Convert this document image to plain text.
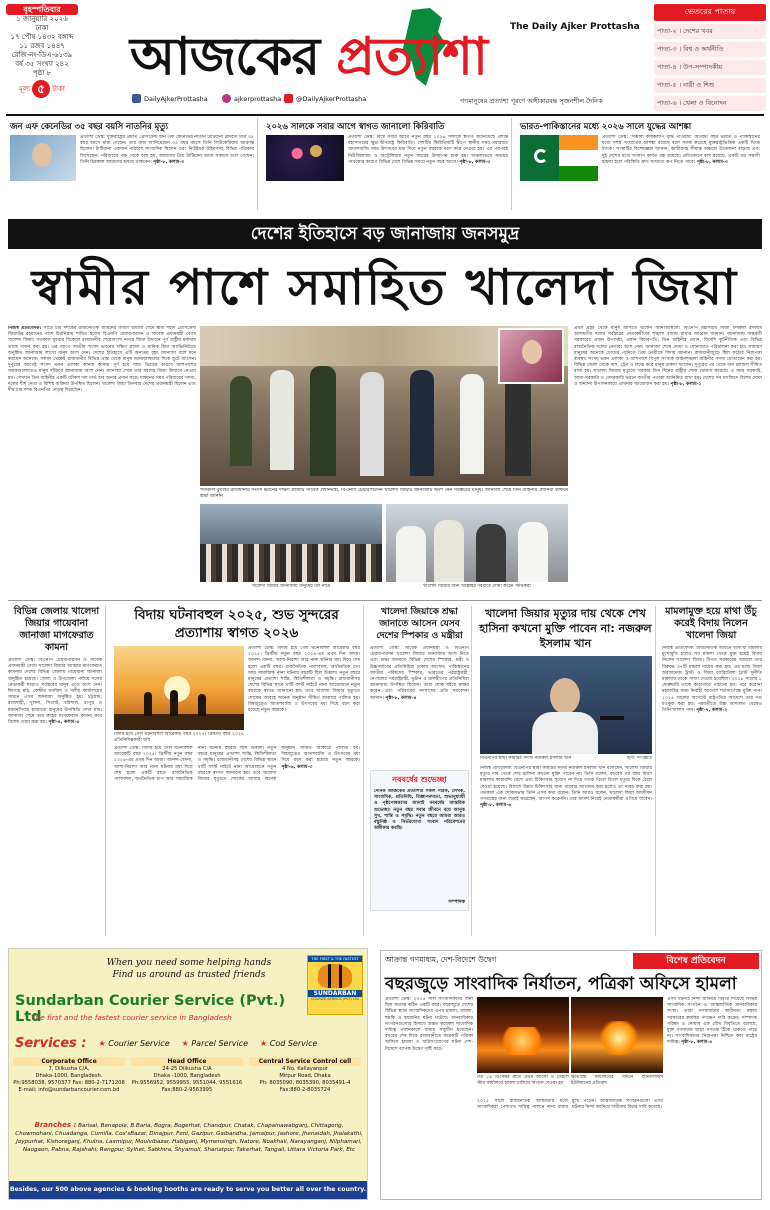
বৃহস্পতিবার
১ জানুয়ারি ২০২৬
ঢাকা
১৭ পৌষ ১৪৩২ বঙ্গাব্দ
১১ রজব ১৪৪৭
রেজি-নং-ডিএ-৬১৩৯
বর্ষ ৩৫ সংখ্যা ২৪২
পৃষ্ঠা ৮
মূল্য ৫	টাকা
আজকের প্রত্যাশা	The Daily Ajker Prottasha
DailyAjkerProttasha	ajkerprottasha @DailyAjkerProttasha	গণমানুষের প্রত্যাশা পূরণে অঙ্গীকারবদ্ধ সৃজনশীল দৈনিক
ভেতরের পাতায়
পাতা-২ । দেশের খবর
পাতা-৩ । বিশ্ব ও অর্থনীতি
পাতা-৪ । উপ-সম্পাদকীয়
পাতা-৫ । নারী ও শিশু
পাতা-৬ । খেলা ও বিনোদন
জন এফ কেনেডির ৩৫ বছর বয়সি নাতনির মৃত্যু
প্রত্যাশা ডেস্ক: যুক্তরাষ্ট্রের প্রয়াত প্রেসিডেন্ট জন এফ কেনেডির নাতনি টাটিয়ানা স্লসবার্গ মাত্র ৩৫ বছর বয়সে মারা গেছেন। তার বাবা জানিয়েছেন ৩৫ বছর বয়সে তিনি লিউকেমিয়ায় আক্রান্ত ছিলেন। টাটিয়ানা একজন পরিবেশ সাংবাদিক ছিলেন এবং নিউইয়র্ক টাইমসসহ বিভিন্ন পত্রিকায় লিখেছেন। পরিবারের পক্ষ থেকে বলা হয়, আমাদের প্রিয় টাটিয়ানা আজ সকালে চলে গেছেন। তিনি চিরকাল আমাদের হৃদয়ে থাকবেন। পৃষ্ঠা-৮, কলাম-৩
২০২৬ সালকে সবার আগে স্বাগত জানালো কিরিবাতি
প্রত্যাশা ডেস্ক: বিশ্বে সবার আগে নতুন বছর ২০২৬ সালকে স্বাগত জানিয়েছে প্রশান্ত মহাসাগরের ক্ষুদ্র দ্বীপরাষ্ট্র কিরিবাতি। দেশটির কিরিতিমাটি দ্বীপে স্থানীয় সময় মধ্যরাতে আতশবাজি আর উৎসবের মধ্য দিয়ে নতুন বছরকে বরণ করে নেওয়া হয়। এর পরপরই নিউজিল্যান্ড ও অস্ট্রেলিয়ায় নতুন বছরের উদযাপন শুরু হয়। অঞ্চলভেদে সময়ের পার্থক্যের কারণে বিভিন্ন দেশে বিভিন্ন সময়ে নতুন বছর আসে। পৃষ্ঠা-৮, কলাম-৩
ভারত-পাকিস্তানের মধ্যে ২০২৬ সালে যুদ্ধের আশঙ্কা
প্রত্যাশা ডেস্ক: ‘সম্ভাব্য কার্যকলাপ বৃদ্ধি পাওয়ায়’ আগামী বছর ভারত ও পাকিস্তানের মধ্যে সশস্ত্র সংঘাতের আশঙ্কা রয়েছে বলে সতর্ক করেছে যুক্তরাষ্ট্রভিত্তিক একটি থিংক ট্যাংক। সংস্থাটির বিশেষজ্ঞরা জানান, কাশ্মীরসহ সীমান্ত অঞ্চলে উত্তেজনা বাড়ছে এবং দুই দেশের মধ্যে সংলাপ কার্যত বন্ধ রয়েছে। প্রতিবেদনে বলা হয়েছে, একটি বড় সন্ত্রাসী হামলা হলে পরিস্থিতি দ্রুত সংঘাতে রূপ নিতে পারে। পৃষ্ঠা-৮, কলাম-৩
দেশের ইতিহাসে বড় জানাজায় জনসমুদ্র
স্বামীর পাশে সমাহিত খালেদা জিয়া
নিজস্ব প্রতিবেদক: সাড়ে চার দশকের রাজনৈতিক জীবনের বর্ণাঢ্য অধ্যায় শেষে স্বামী শহীদ প্রেসিডেন্ট জিয়াউর রহমানের পাশে চিরনিদ্রায় শায়িত হলেন বিএনপি চেয়ারপারসন ও সাবেক প্রধানমন্ত্রী বেগম খালেদা জিয়া। গতকাল বুধবার বিকেলে রাজধানীর শেরেবাংলা নগরে জিয়া উদ্যানে পূর্ণ রাষ্ট্রীয় মর্যাদায় তাকে দাফন করা হয়। এর আগে জাতীয় সংসদ ভবনের দক্ষিণ প্লাজা ও মানিক মিয়া অ্যাভিনিউতে অনুষ্ঠিত জানাজায় লাখো মানুষ অংশ নেন। দেশের ইতিহাসে এটি অন্যতম বৃহৎ জানাজা বলে মনে করছেন অনেকে। সকাল থেকেই রাজধানীর বিভিন্ন প্রান্ত থেকে মানুষ জানাজাস্থলের দিকে ছুটে আসেন। দুপুরের আগেই সংসদ ভবন এলাকা কানায় কানায় পূর্ণ হয়ে যায়। ভিড়ের কারণে আশপাশের সড়কগুলোতেও মানুষ দাঁড়িয়ে জানাজায় অংশ নেন। জানাজা শেষে তার মরদেহ জিয়া উদ্যানে নেওয়া হয়। সেখানে তিন বাহিনীর একটি চৌকস দল গার্ড অব অনার প্রদান করে। দাফনের সময় পরিবারের সদস্য, দলের শীর্ষ নেতা ও বিশিষ্ট ব্যক্তিরা উপস্থিত ছিলেন। খালেদা জিয়া তিনবার দেশের প্রধানমন্ত্রী ছিলেন এবং দীর্ঘ চার দশক বিএনপির নেতৃত্ব দিয়েছেন।
গতকাল বুধবার রাজধানীর সংসদ ভবনের দক্ষিণ প্লাজায় সাবেক প্রধানমন্ত্রী, বিএনপি চেয়ারপারসন খালেদা জিয়ার জানাজায় অংশ নেন সর্বস্তরের মানুষ। জানাজা শেষে তিন বাহিনীর প্রধানরা কফিনে শ্রদ্ধা জানান
খালেদা জিয়ার জানাজায় মানুষের ঢল নামে	খালেদা জিয়ার জন্য আল্লাহর দরবারে দোয়া করেন সমর্থকরা
প্রথম প্রহর থেকে মানুষ আসতে থাকেন জানাজাস্থলে। বিএনপি মহাসচিব মির্জা ফখরুল ইসলাম আলমগীর দলের সর্বস্তরের নেতাকর্মীদের শৃঙ্খলা বজায় রাখার আহ্বান জানান। জানাজায় অন্তর্বর্তী সরকারের প্রধান উপদেষ্টা, প্রধান বিচারপতি, তিন বাহিনীর প্রধান, বিদেশি কূটনীতিক এবং বিভিন্ন রাজনৈতিক দলের নেতারা অংশ নেন। জানাজা শেষে দোয়া ও মোনাজাত পরিচালনা করা হয়। সাধারণ মানুষের অনেকে চোখের পানিতে প্রিয় নেত্রীকে বিদায় জানান। রাজধানীজুড়ে ছিল কঠোর নিরাপত্তা ব্যবস্থা। সংসদ ভবন এলাকা ও আশপাশে বিপুল সংখ্যক আইনশৃঙ্খলা বাহিনীর সদস্য মোতায়েন করা হয়। বিভিন্ন জেলা থেকে বাস, ট্রেন ও লঞ্চে করে মানুষ ঢাকায় আসেন। দুপুরের পর থেকে যান চলাচল সীমিত রাখা হয়। খালেদা জিয়ার মৃত্যুতে সরকার তিন দিনের রাষ্ট্রীয় শোক ঘোষণা করেছে। এ সময় সরকারি, আধা-সরকারি ও বেসরকারি ভবনে জাতীয় পতাকা অর্ধনমিত রাখা হয়। দেশের সব মসজিদে বিশেষ দোয়া ও অন্যান্য উপাসনালয়ে প্রার্থনার আয়োজন করা হয়। পৃষ্ঠা-৮, কলাম-১
বিভিন্ন জেলায় খালেদা জিয়ার গায়েবানা জানাজা মাগফেরাত কামনা
প্রত্যাশা ডেস্ক: বিএনপি চেয়ারপারসন ও সাবেক প্রধানমন্ত্রী বেগম খালেদা জিয়ার আত্মার মাগফেরাত কামনায় দেশের বিভিন্ন জেলায় গায়েবানা জানাজা অনুষ্ঠিত হয়েছে। জেলা ও উপজেলা পর্যায়ে দলের নেতাকর্মী ছাড়াও সর্বস্তরের মানুষ এতে অংশ নেন। ঈদগাহ মাঠ, কেন্দ্রীয় মসজিদ ও দলীয় কার্যালয়ের সামনে এসব জানাজা অনুষ্ঠিত হয়। চট্টগ্রাম, রাজশাহী, খুলনা, সিলেট, বরিশাল, রংপুর ও ময়মনসিংহে হাজারো মানুষের উপস্থিতি দেখা যায়। জানাজা শেষে তার রুহের মাগফেরাত কামনা করে বিশেষ দোয়া করা হয়। পৃষ্ঠা-৪, কলাম-৫
বিদায় ঘটনাবহুল ২০২৫, শুভ সুন্দরের প্রত্যাশায় স্বাগত ২০২৬
বিদায় হয়ে গেল ঘটনাবহুল আরেকটি বছর ২০২৫। খ্রিস্টীয় বছর ২০২৫ প্রতিনিধিত্বকারী ছবি
প্রত্যাশা ডেস্ক: বিদায় হয়ে গেল ঘটনাবহুল আরেকটি বছর ২০২৫। খ্রিস্টীয় নতুন বছর ২০২৬-এর প্রথম দিন আজ। আনন্দ-বেদনা, আশা-নিরাশা আর নানা ঘটনার মধ্য দিয়ে শেষ হলো একটি বছর। রাজনৈতিক পালাবদল, অর্থনৈতিক চাপ আর সামাজিক নানা ঘটনায় বছরটি ছিল উত্তাল। নতুন বছরে মানুষের প্রত্যাশা শান্তি, স্থিতিশীলতা ও সমৃদ্ধি। রাজধানীসহ দেশের বিভিন্ন স্থানে থার্টি ফার্স্ট নাইটে নানা আয়োজনে নতুন বছরকে স্বাগত জানানো হয়। তবে খালেদা জিয়ার মৃত্যুতে শোকের আবহে অনেক অনুষ্ঠান সীমিত আকারে পালিত হয়। বিশ্বজুড়েও আতশবাজি ও উৎসবের মধ্য দিয়ে বরণ করা হয়েছে নতুন বছরকে। পৃষ্ঠা-৬, কলাম-৩
প্রত্যাশা ডেস্ক: বিদায় হয়ে গেল ঘটনাবহুল আরেকটি বছর ২০২৫। খ্রিস্টীয় নতুন বছর ২০২৬-এর প্রথম দিন আজ। আনন্দ-বেদনা, আশা-নিরাশা আর নানা ঘটনার মধ্য দিয়ে শেষ হলো একটি বছর। রাজনৈতিক পালাবদল, অর্থনৈতিক চাপ আর সামাজিক নানা ঘটনায় বছরটি ছিল উত্তাল। নতুন বছরে মানুষের প্রত্যাশা শান্তি, স্থিতিশীলতা ও সমৃদ্ধি। রাজধানীসহ দেশের বিভিন্ন স্থানে থার্টি ফার্স্ট নাইটে নানা আয়োজনে নতুন বছরকে স্বাগত জানানো হয়। তবে খালেদা জিয়ার মৃত্যুতে শোকের আবহে অনেক অনুষ্ঠান সীমিত আকারে পালিত হয়। বিশ্বজুড়েও আতশবাজি ও উৎসবের মধ্য দিয়ে বরণ করা হয়েছে নতুন বছরকে।
খালেদা জিয়াকে শ্রদ্ধা জানাতে আসেন যেসব দেশের স্পিকার ও মন্ত্রীরা
প্রত্যাশা ডেস্ক: সাবেক প্রধানমন্ত্রী ও বিএনপি চেয়ারপারসন খালেদা জিয়ার জানাজায় অংশ নিতে এবং শ্রদ্ধা জানাতে বিভিন্ন দেশের স্পিকার, মন্ত্রী ও উচ্চপর্যায়ের প্রতিনিধিরা ঢাকায় আসেন। পাকিস্তানের জাতীয় পরিষদের স্পিকার, ভারতের পররাষ্ট্রমন্ত্রী, নেপালের পররাষ্ট্রমন্ত্রী, ভুটান ও মালদ্বীপের প্রতিনিধিরা জানাজায় উপস্থিত ছিলেন। তারা শোক বইয়ে স্বাক্ষর করেন এবং পরিবারের সদস্যদের প্রতি সমবেদনা জানান। পৃষ্ঠা-৮, কলাম-৪
নববর্ষের শুভেচ্ছা
দৈনিক আজকের প্রত্যাশার সকল পাঠক, লেখক, সাংবাদিক, প্রতিনিধি, বিজ্ঞাপনদাতা, শুভানুধ্যায়ী ও পৃষ্ঠপোষকদের জানাই নববর্ষের আন্তরিক শুভেচ্ছা। নতুন বছর সবার জীবনে বয়ে আনুক সুখ, শান্তি ও সমৃদ্ধি। নতুন বছরে আমরা আরও বস্তুনিষ্ঠ ও নির্ভরযোগ্য সংবাদ পরিবেশনের অঙ্গীকার করছি।
সম্পাদক
খালেদা জিয়ার মৃত্যুর দায় থেকে শেখ হাসিনা কখনো মুক্তি পাবেন না: নজরুল ইসলাম খান
বিএনপির স্থায়ী কমিটির সদস্য নজরুল ইসলাম খান	ছবি: সংগৃহীত
নিজস্ব প্রতিবেদক: বিএনপির স্থায়ী কমিটির সদস্য নজরুল ইসলাম খান বলেছেন, খালেদা জিয়ার মৃত্যুর দায় থেকে শেখ হাসিনা কখনো মুক্তি পাবেন না। তিনি বলেন, বছরের পর বছর মিথ্যা মামলায় কারাবন্দি রেখে এবং চিকিৎসার সুযোগ না দিয়ে তাকে তিলে তিলে মৃত্যুর দিকে ঠেলে দেওয়া হয়েছে। বিদেশে উন্নত চিকিৎসার জন্য বারবার আবেদন করা হলেও তা নাকচ করা হয়। গতকাল এক শোকসভায় তিনি এসব কথা বলেন। তিনি আরও বলেন, খালেদা জিয়া আজীবন গণতন্ত্রের জন্য লড়াই করেছেন, আপস করেননি। তার আদর্শ নিয়েই নেতাকর্মীরা এগিয়ে যাবেন। পৃষ্ঠা-৮, কলাম-৬
মামলামুক্ত হয়ে মাথা উঁচু করেই বিদায় নিলেন খালেদা জিয়া
নিজস্ব প্রতিবেদক: রাজনৈতিক জীবনে অসংখ্য মামলার মুখোমুখি হলেও সব মামলা থেকে মুক্ত হয়েই বিদায় নিলেন খালেদা জিয়া। বিগত সরকারের আমলে তার বিরুদ্ধে ৩৭টি মামলা দায়ের করা হয়। এর মধ্যে জিয়া অরফানেজ ট্রাস্ট ও জিয়া চ্যারিটেবল ট্রাস্ট দুর্নীতি মামলায় তাকে সাজা দেওয়া হয়েছিল। ২০১৮ সালের ৮ ফেব্রুয়ারি তাকে কারাগারে পাঠানো হয়। পরে করোনা মহামারির সময় নির্বাহী আদেশে শর্তসাপেক্ষে মুক্তি পান। ২০২৪ সালের আগস্টে রাষ্ট্রপতির আদেশে তার দণ্ড মওকুফ করা হয়। পরবর্তীতে উচ্চ আদালত থেকেও তিনি খালাস পান। পৃষ্ঠা-৭, কলাম-২
When you need some helping hands
Find us around as trusted friends
THE FIRST & THE FASTEST
SUNDARBAN
COURIER SERVICE (PVT) LTD
Sundarban Courier Service (Pvt.) Ltd
The first and the fastest courier service in Bangladesh
Services : ★ Courier Service ★ Parcel Service ★ Cod Service
Corporate Office
7, Dilkusha C/A,
Dhaka-1000, Bangladesh.
Ph:9558038, 9570377 Fax: 880-2-7171208
E-mail: info@sundarbancourier.com.bd
Head Office
24-25 Dilkusha C/A
Dhaka -1000, Bangladesh
Ph:9556952, 9559955, 9551044, 9551616
Fax:880-2-9563995
Central Service Control cell
4 No. Kallayanpur
Mirpur Road, Dhaka
Ph: 8035090, 8035390, 8035491-4
Fax:880-2-8035724
Branches : Barisal, Benapole, B.Baria, Bogra, Bogerhat, Chandpur, Chatak, Chapainawabganj, Chittagong, Chowmohani, Chuadanga, Cumilla, Cox'sBazar, Dinajpur, Feni, Gazipur, Gaibandha, Jamalpur, Jashore, Jhenaidah, Jhalakathi, Joypurhat, Kishoreganj, Khulna, Laxmipur, Moulvibazar, Habiganj, Mymensingh, Natore, Noakhali, Narayanganj, Nilphamari, Naogaon, Pabna, Rajshahi, Rangpur, Sylhet, Satkhira, Shyamoli, Shariatpur, Takerhat, Tangail, Uttara Victoria Park, Etc
Besides, our 500 above agencies & booking booths are ready to serve you better all over the country.
আক্রান্ত গণমাধ্যম, দেশ-বিদেশে উদ্বেগ	বিশেষ প্রতিবেদন
বছরজুড়ে সাংবাদিক নির্যাতন, পত্রিকা অফিসে হামলা
প্রত্যাশা ডেস্ক: ২০২৫ সাল সাংবাদিকদের জন্য ছিল অত্যন্ত কঠিন একটি বছর। বছরজুড়ে দেশের বিভিন্ন স্থানে সাংবাদিকদের ওপর হামলা, মামলা, হুমকি ও হয়রানির ঘটনা ঘটেছে। মানবাধিকার সংগঠনগুলোর হিসাবে অন্তত কয়েকশ সাংবাদিক দায়িত্ব পালনকালে বাধার সম্মুখীন হয়েছেন। বছরের শেষ দিকে রাজধানীতে কয়েকটি পত্রিকা অফিসে হামলা ও অগ্নিসংযোগের ঘটনা দেশ-বিদেশে ব্যাপক উদ্বেগ সৃষ্টি করে।
গত ১৯ ডিসেম্বর রাতে প্রথম আলো ও ডেইলি স্টার কার্যালয়ে হামলা চালিয়ে আগুন দেওয়া হয়
ক্ষতিগ্রস্ত কার্যালয়ের সামনে জার্নালিস্টস ইউনিয়নের প্রতিবাদ
২০২৫ সালে রাজনৈতিক অস্থিরতার মধ্যে সাংবাদিকরা পেশাগত দায়িত্ব পালনে নানা বাধার মুখে পড়েন। আন্তর্জাতিক সংগঠনগুলো এসব ঘটনার নিন্দা জানিয়ে দায়ীদের বিচার দাবি করেছে।
এসব ঘটনার নিন্দা জানিয়ে বিবৃতি দিয়েছে বিভিন্ন সাংবাদিক সংগঠন ও আন্তর্জাতিক মানবাধিকার সংস্থা। তারা গণমাধ্যমের স্বাধীনতা রক্ষায় সরকারের কার্যকর পদক্ষেপ দাবি করেন। সম্পাদক পরিষদ ও নোয়াব এক যৌথ বিবৃতিতে বলেছে, মুক্ত গণমাধ্যম ছাড়া গণতন্ত্র টিকে থাকতে পারে না। সাংবাদিকদের নিরাপত্তা নিশ্চিত করা রাষ্ট্রের দায়িত্ব। পৃষ্ঠা-৮, কলাম-৪
